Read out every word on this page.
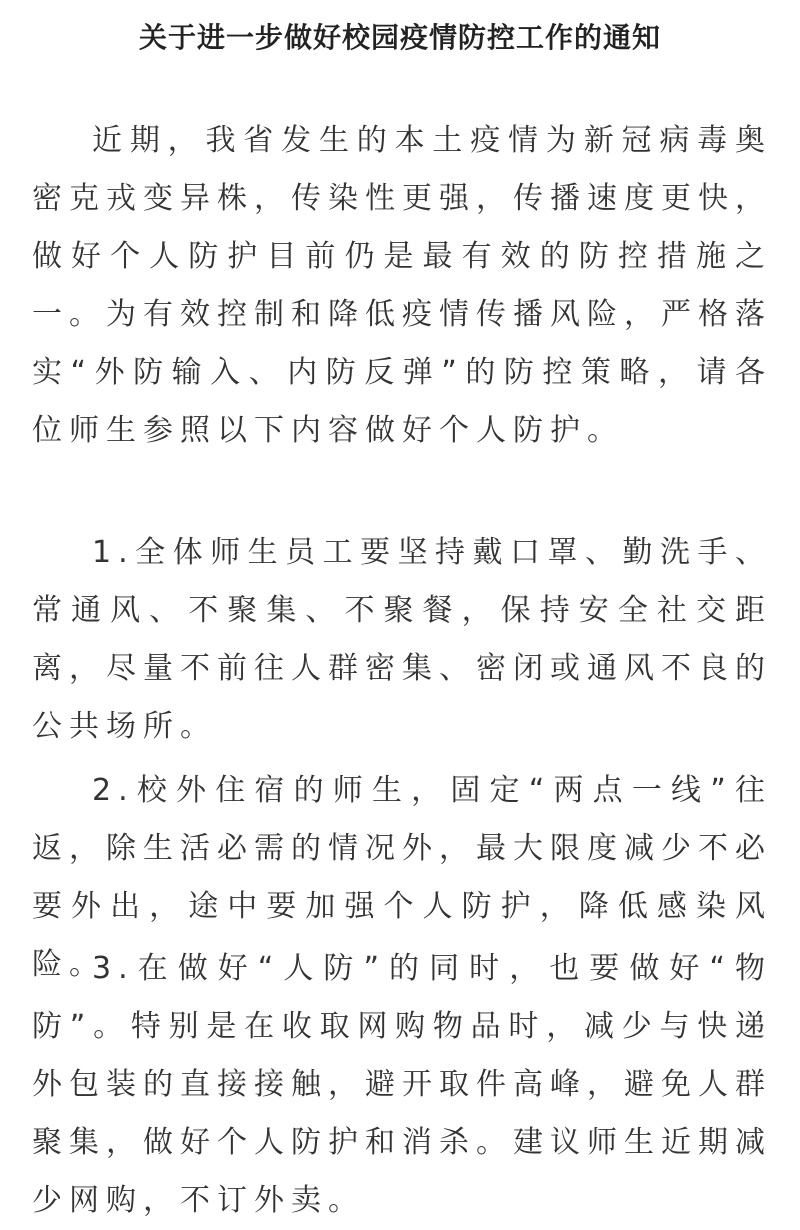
关于进一步做好校园疫情防控工作的通知

近期，我省发生的本土疫情为新冠病毒奥密克戎变异株，传染性更强，传播速度更快，做好个人防护目前仍是最有效的防控措施之一。为有效控制和降低疫情传播风险，严格落实“外防输入、内防反弹”的防控策略，请各位师生参照以下内容做好个人防护。

1.全体师生员工要坚持戴口罩、勤洗手、常通风、不聚集、不聚餐，保持安全社交距离，尽量不前往人群密集、密闭或通风不良的公共场所。

2.校外住宿的师生，固定“两点一线”往返，除生活必需的情况外，最大限度减少不必要外出，途中要加强个人防护，降低感染风险。

3.在做好“人防”的同时，也要做好“物防”。特别是在收取网购物品时，减少与快递外包装的直接接触，避开取件高峰，避免人群聚集，做好个人防护和消杀。建议师生近期减少网购，不订外卖。
